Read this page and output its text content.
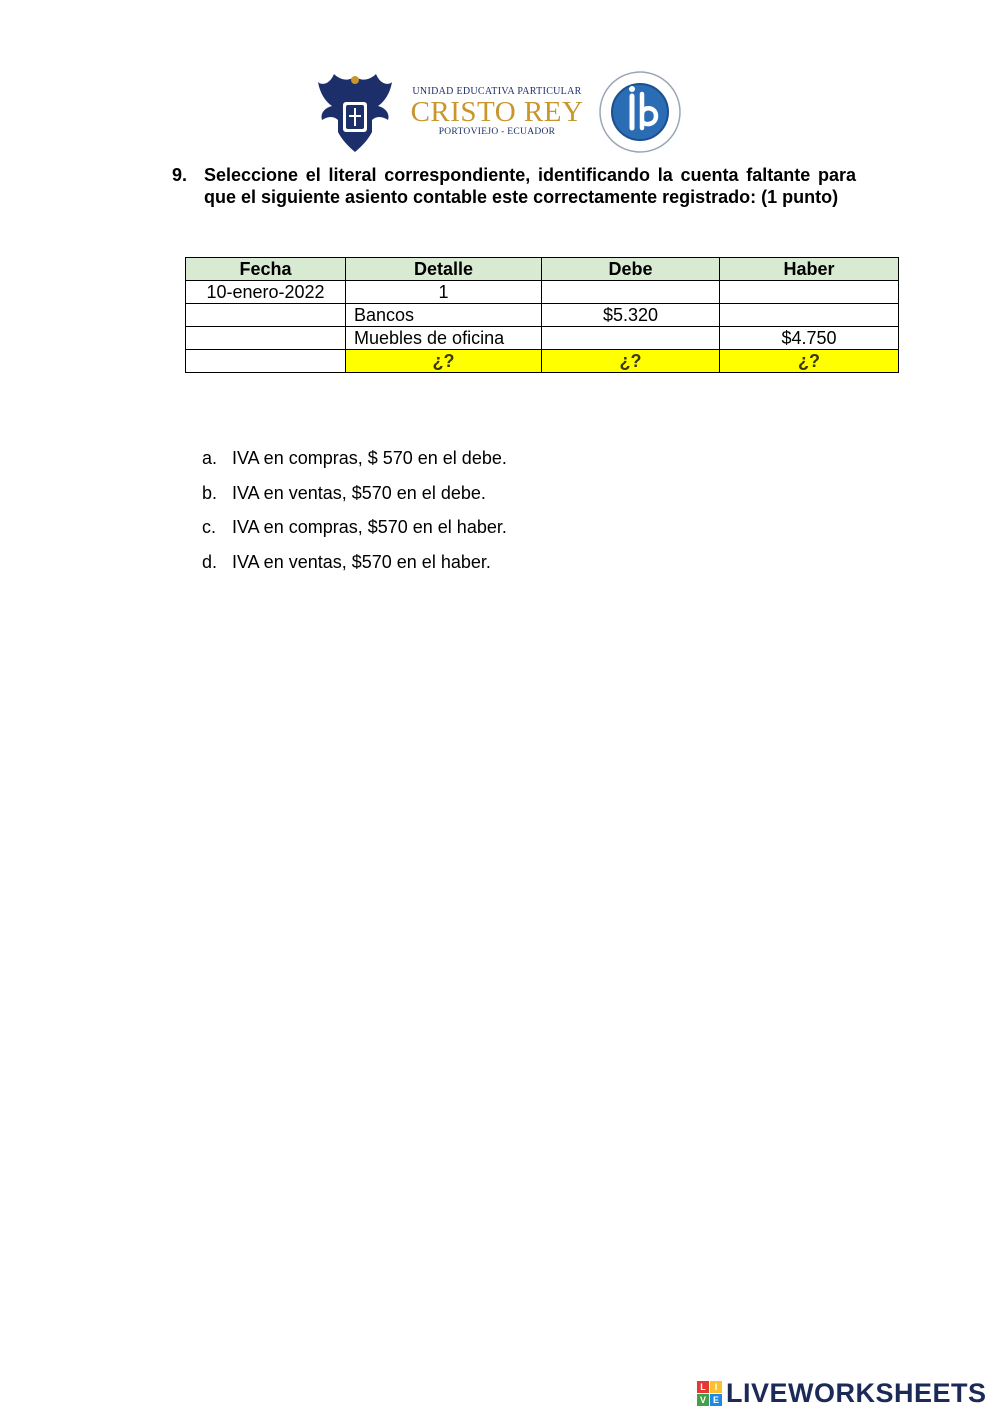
UNIDAD EDUCATIVA PARTICULAR
CRISTO REY
PORTOVIEJO - ECUADOR
9. Seleccione el literal correspondiente, identificando la cuenta faltante para que el siguiente asiento contable este correctamente registrado: (1 punto)
Fecha	Detalle	Debe	Haber
10-enero-2022	1		
	Bancos	$5.320	
	Muebles de oficina		$4.750
	¿?	¿?	¿?
a. IVA en compras, $ 570 en el debe.
b. IVA en ventas, $570 en el debe.
c. IVA en compras, $570 en el haber.
d. IVA en ventas, $570 en el haber.
L I
V E LIVEWORKSHEETS
